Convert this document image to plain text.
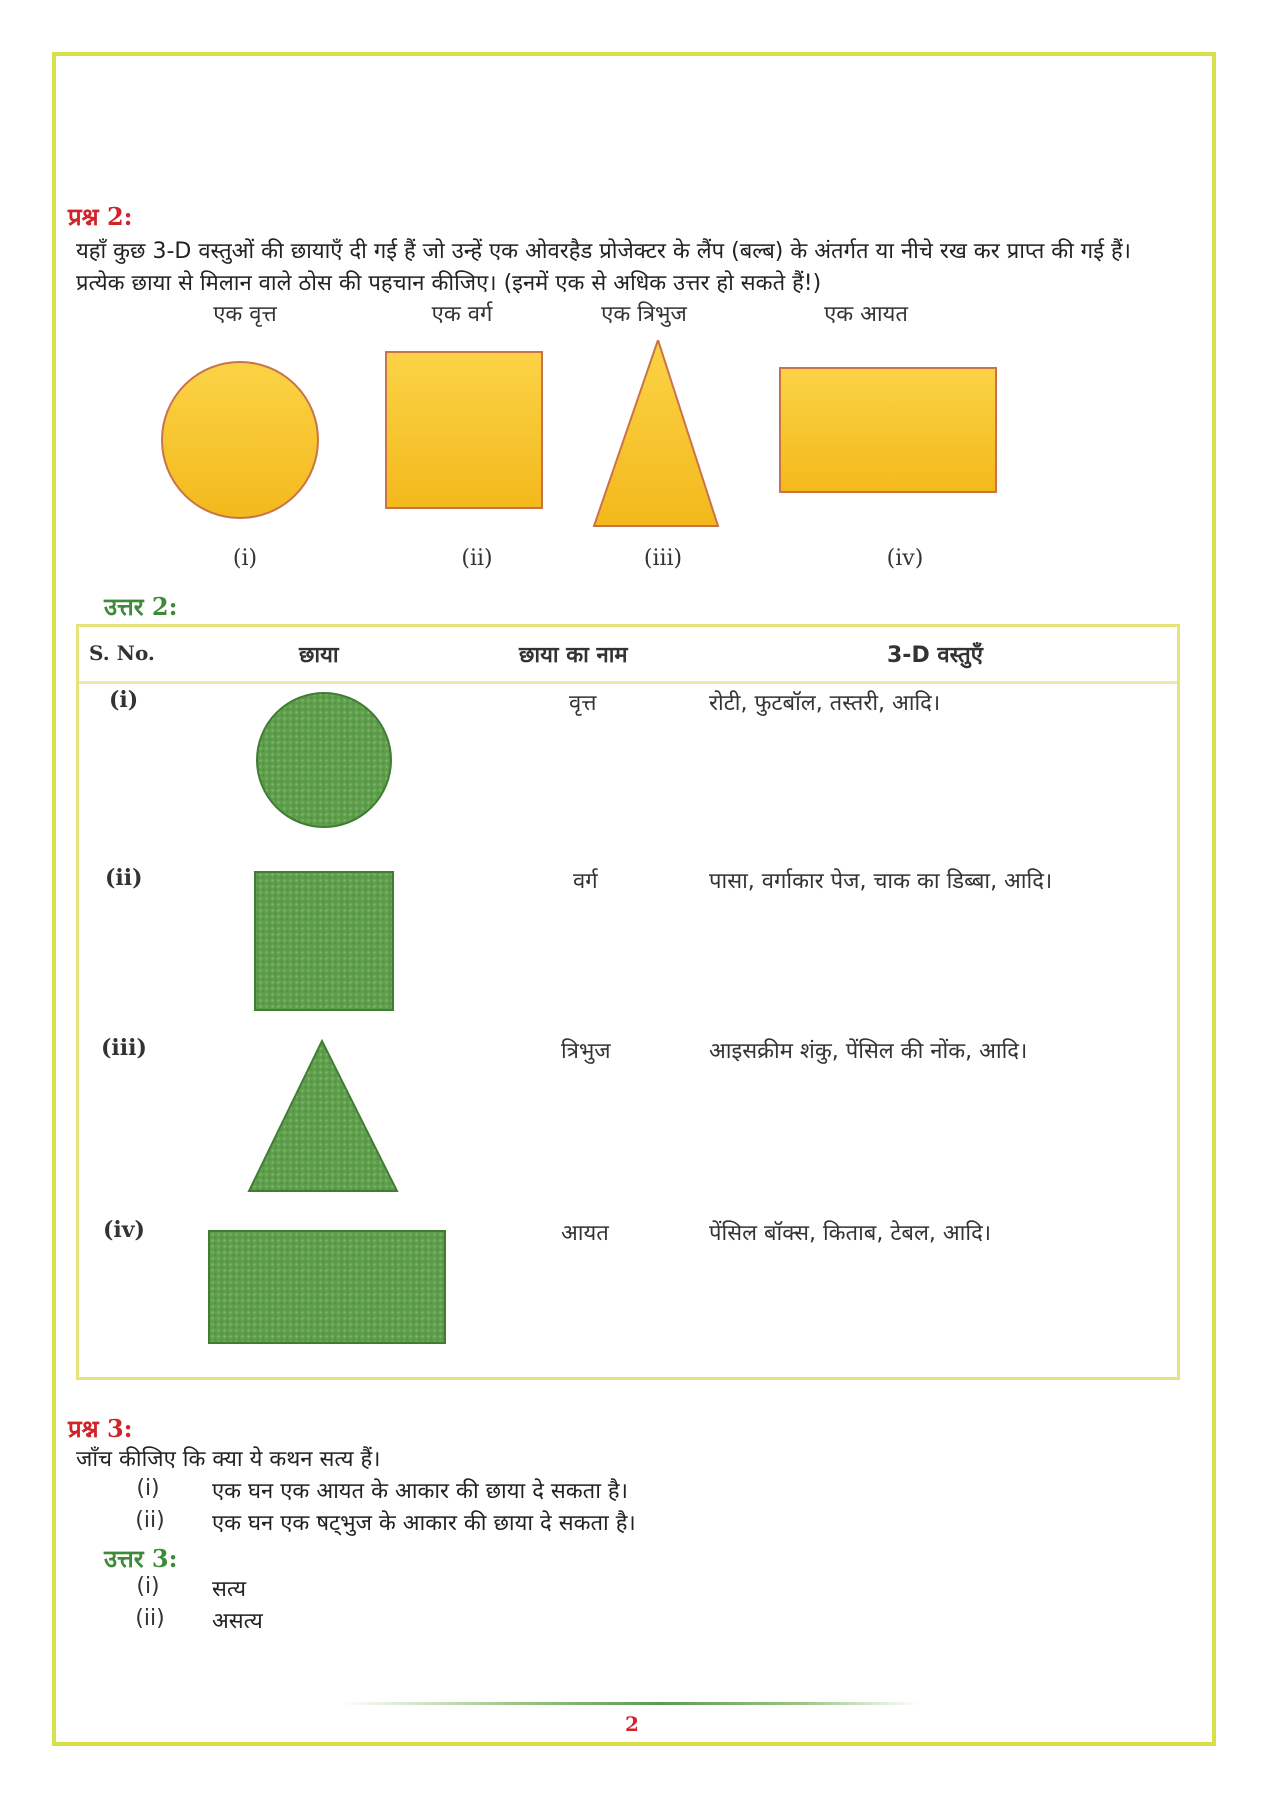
प्रश्न 2:
यहाँ कुछ 3-D वस्तुओं की छायाएँ दी गई हैं जो उन्हें एक ओवरहैड प्रोजेक्टर के लैंप (बल्ब) के अंतर्गत या नीचे रख कर प्राप्त की गई हैं। प्रत्येक छाया से मिलान वाले ठोस की पहचान कीजिए। (इनमें एक से अधिक उत्तर हो सकते हैं!)
एक वृत्त	एक वर्ग	एक त्रिभुज	एक आयत
(i)	(ii)	(iii)	(iv)
उत्तर 2:
S. No.	छाया	छाया का नाम	3-D वस्तुएँ
(i)	वृत्त	रोटी, फुटबॉल, तस्तरी, आदि।
(ii)	वर्ग	पासा, वर्गाकार पेज, चाक का डिब्बा, आदि।
(iii)	त्रिभुज	आइसक्रीम शंकु, पेंसिल की नोंक, आदि।
(iv)	आयत	पेंसिल बॉक्स, किताब, टेबल, आदि।
प्रश्न 3:
जाँच कीजिए कि क्या ये कथन सत्य हैं।
(i)	एक घन एक आयत के आकार की छाया दे सकता है।
(ii) एक घन एक षट्भुज के आकार की छाया दे सकता है।
उत्तर 3:
(i)	सत्य
(ii) असत्य
2
